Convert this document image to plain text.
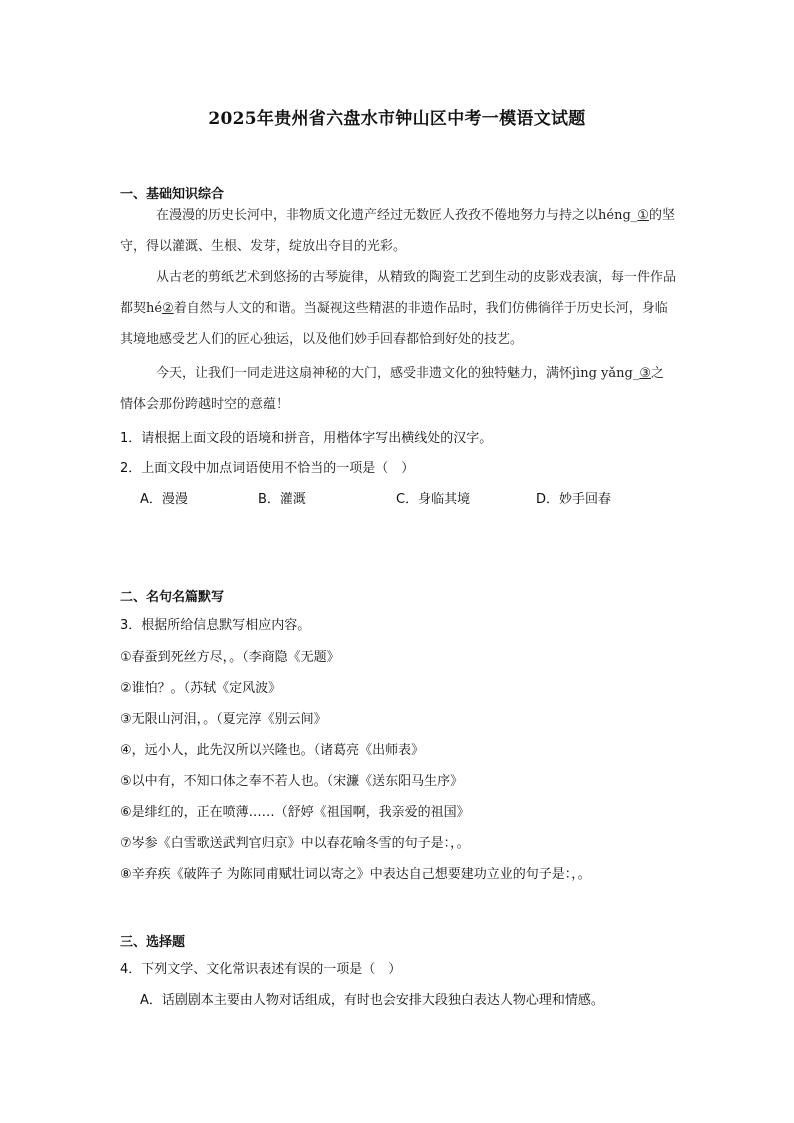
2025年贵州省六盘水市钟山区中考一模语文试题
一、基础知识综合
在漫漫的历史长河中，非物质文化遗产经过无数匠人孜孜不倦地努力与持之以héng_①的坚守，得以灌溉、生根、发芽，绽放出夺目的光彩。
从古老的剪纸艺术到悠扬的古琴旋律，从精致的陶瓷工艺到生动的皮影戏表演，每一件作品都契hé②着自然与人文的和谐。当凝视这些精湛的非遗作品时，我们仿佛徜徉于历史长河，身临其境地感受艺人们的匠心独运，以及他们妙手回春都恰到好处的技艺。
今天，让我们一同走进这扇神秘的大门，感受非遗文化的独特魅力，满怀jìng yǎng_③之情体会那份跨越时空的意蕴！
1．请根据上面文段的语境和拼音，用楷体字写出横线处的汉字。
2．上面文段中加点词语使用不恰当的一项是（　）
A．漫漫	B．灌溉	C．身临其境	D．妙手回春
二、名句名篇默写
3．根据所给信息默写相应内容。
①春蚕到死丝方尽，。（李商隐《无题》
②谁怕？。（苏轼《定风波》
③无限山河泪，。（夏完淳《别云间》
④，远小人，此先汉所以兴隆也。（诸葛亮《出师表》
⑤以中有，不知口体之奉不若人也。（宋濂《送东阳马生序》
⑥是绯红的，正在喷薄……（舒婷《祖国啊，我亲爱的祖国》
⑦岑参《白雪歌送武判官归京》中以春花喻冬雪的句子是：，。
⑧辛弃疾《破阵子 为陈同甫赋壮词以寄之》中表达自己想要建功立业的句子是：，。
三、选择题
4．下列文学、文化常识表述有误的一项是（　）
A．话剧剧本主要由人物对话组成，有时也会安排大段独白表达人物心理和情感。
